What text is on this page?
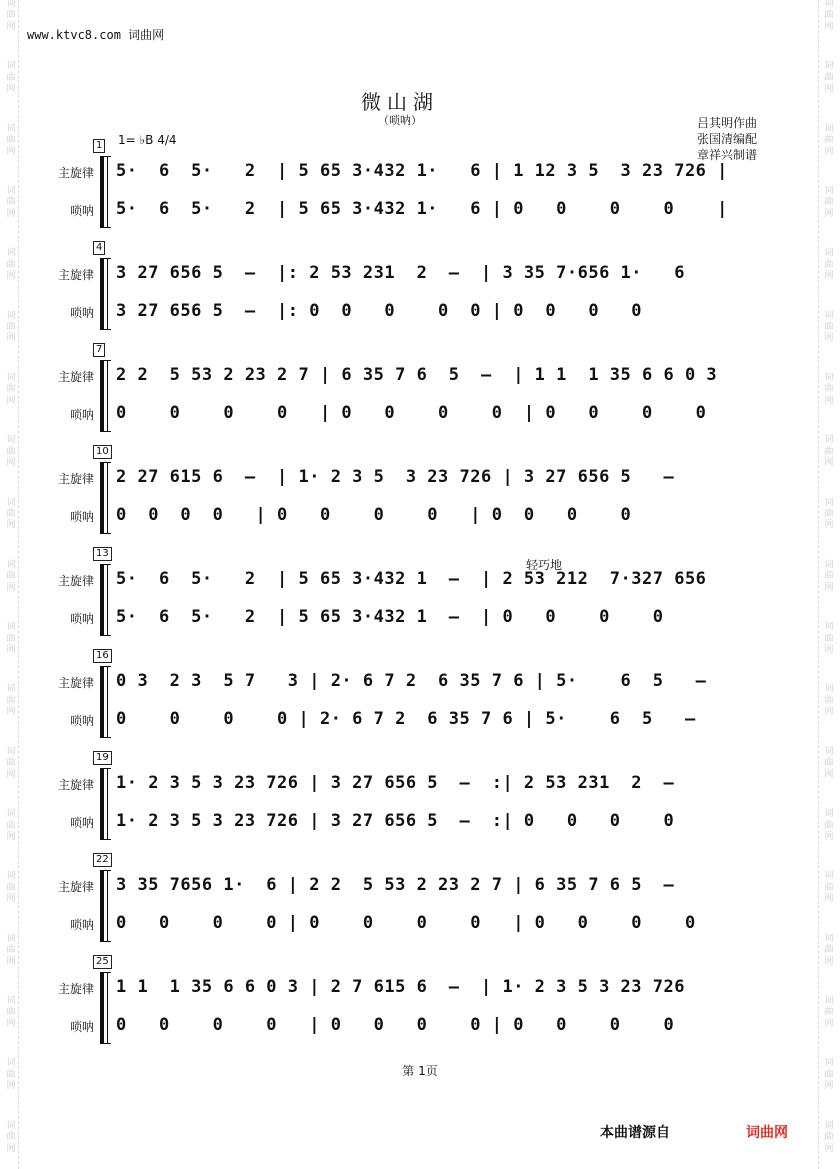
词
曲
网
词
曲
网
词
曲
网
词
曲
网
词
曲
网
词
曲
网
词
曲
网
词
曲
网
词
曲
网
词
曲
网
词
曲
网
词
曲
网
词
曲
网
词
曲
网
词
曲
网
词
曲
网
词
曲
网
词
曲
网
词
曲
网
词
曲
网
词
曲
网
词
曲
网
词
曲
网
词
曲
网
词
曲
网
词
曲
网
词
曲
网
词
曲
网
词
曲
网
词
曲
网
词
曲
网
词
曲
网
词
曲
网
词
曲
网
词
曲
网
词
曲
网
词
曲
网
词
曲
网
www.ktvc8.com 词曲网
微山湖
（唢呐）	吕其明作曲
张国清编配
章祥兴制谱
1= ♭B 4/4
1
主旋律
唢呐
5·  6  5·   2  | 5 65 3·432 1·   6 | 1 12 3 5  3 23 726 |
5·  6  5·   2  | 5 65 3·432 1·   6 | 0   0    0    0    |
4
主旋律
唢呐
3 27 656 5  –  |: 2 53 231  2  –  | 3 35 7·656 1·   6
3 27 656 5  –  |: 0  0   0    0  0 | 0  0   0   0
7
主旋律
唢呐
2 2  5 53 2 23 2 7 | 6 35 7 6  5  –  | 1 1  1 35 6 6 0 3
0    0    0    0   | 0   0    0    0  | 0   0    0    0
10
主旋律
唢呐
2 27 615 6  –  | 1· 2 3 5  3 23 726 | 3 27 656 5   –
0  0  0  0   | 0   0    0    0   | 0  0   0    0
13
主旋律
唢呐
5·  6  5·   2  | 5 65 3·432 1  –  | 2 53 212  7·327 656
5·  6  5·   2  | 5 65 3·432 1  –  | 0   0    0    0
16
主旋律
唢呐
0 3  2 3  5 7   3 | 2· 6 7 2  6 35 7 6 | 5·    6  5   –
0    0    0    0 | 2· 6 7 2  6 35 7 6 | 5·    6  5   –
19
主旋律
唢呐
1· 2 3 5 3 23 726 | 3 27 656 5  –  :| 2 53 231  2  –
1· 2 3 5 3 23 726 | 3 27 656 5  –  :| 0   0   0    0
22
主旋律
唢呐
3 35 7656 1·  6 | 2 2  5 53 2 23 2 7 | 6 35 7 6 5  –
0   0    0    0 | 0    0    0    0   | 0   0    0    0
25
主旋律
唢呐
1 1  1 35 6 6 0 3 | 2 7 615 6  –  | 1· 2 3 5 3 23 726
0   0    0    0   | 0   0   0    0 | 0   0    0    0
轻巧地
第 1页
本曲谱源自	词曲网
